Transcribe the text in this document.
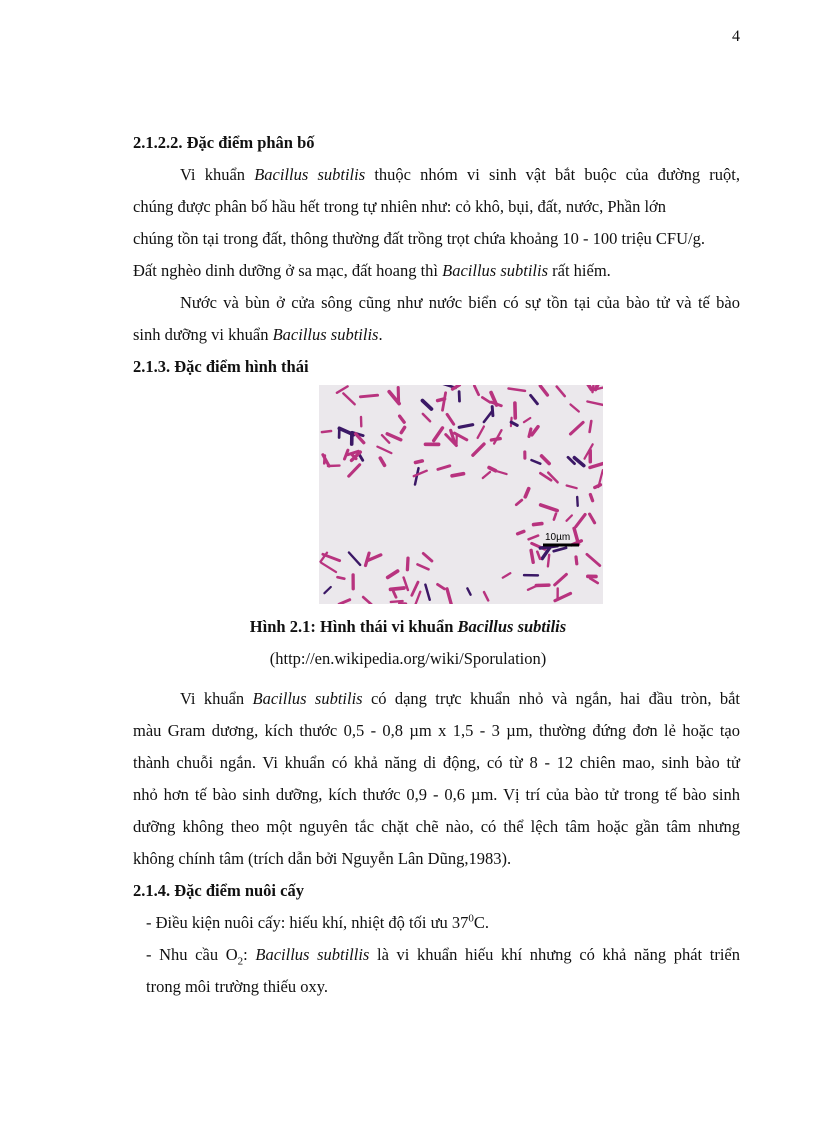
4
2.1.2.2. Đặc điểm phân bố
Vi khuẩn Bacillus subtilis thuộc nhóm vi sinh vật bắt buộc của đường ruột,
chúng được phân bố hầu hết trong tự nhiên như: cỏ khô, bụi, đất, nước, Phần lớn
chúng tồn tại trong đất, thông thường đất trồng trọt chứa khoảng 10 - 100 triệu CFU/g.
Đất nghèo dinh dưỡng ở sa mạc, đất hoang thì Bacillus subtilis rất hiếm.
Nước và bùn ở cửa sông cũng như nước biển có sự tồn tại của bào tử và tế bào
sinh dưỡng vi khuẩn Bacillus subtilis.
2.1.3. Đặc điểm hình thái
10µm
Hình 2.1: Hình thái vi khuẩn Bacillus subtilis
(http://en.wikipedia.org/wiki/Sporulation)
Vi khuẩn Bacillus subtilis có dạng trực khuẩn nhỏ và ngắn, hai đầu tròn, bắt
màu Gram dương, kích thước 0,5 - 0,8 µm x 1,5 - 3 µm, thường đứng đơn lẻ hoặc tạo
thành chuỗi ngắn. Vi khuẩn có khả năng di động, có từ 8 - 12 chiên mao, sinh bào tử
nhỏ hơn tế bào sinh dưỡng, kích thước 0,9 - 0,6 µm. Vị trí của bào tử trong tế bào sinh
dưỡng không theo một nguyên tắc chặt chẽ nào, có thể lệch tâm hoặc gần tâm nhưng
không chính tâm (trích dẫn bởi Nguyễn Lân Dũng,1983).
2.1.4. Đặc điểm nuôi cấy
- Điều kiện nuôi cấy: hiếu khí, nhiệt độ tối ưu $37^0C$.
- Nhu cầu $O_2$: Bacillus subtillis là vi khuẩn hiếu khí nhưng có khả năng phát triển
trong môi trường thiếu oxy.
